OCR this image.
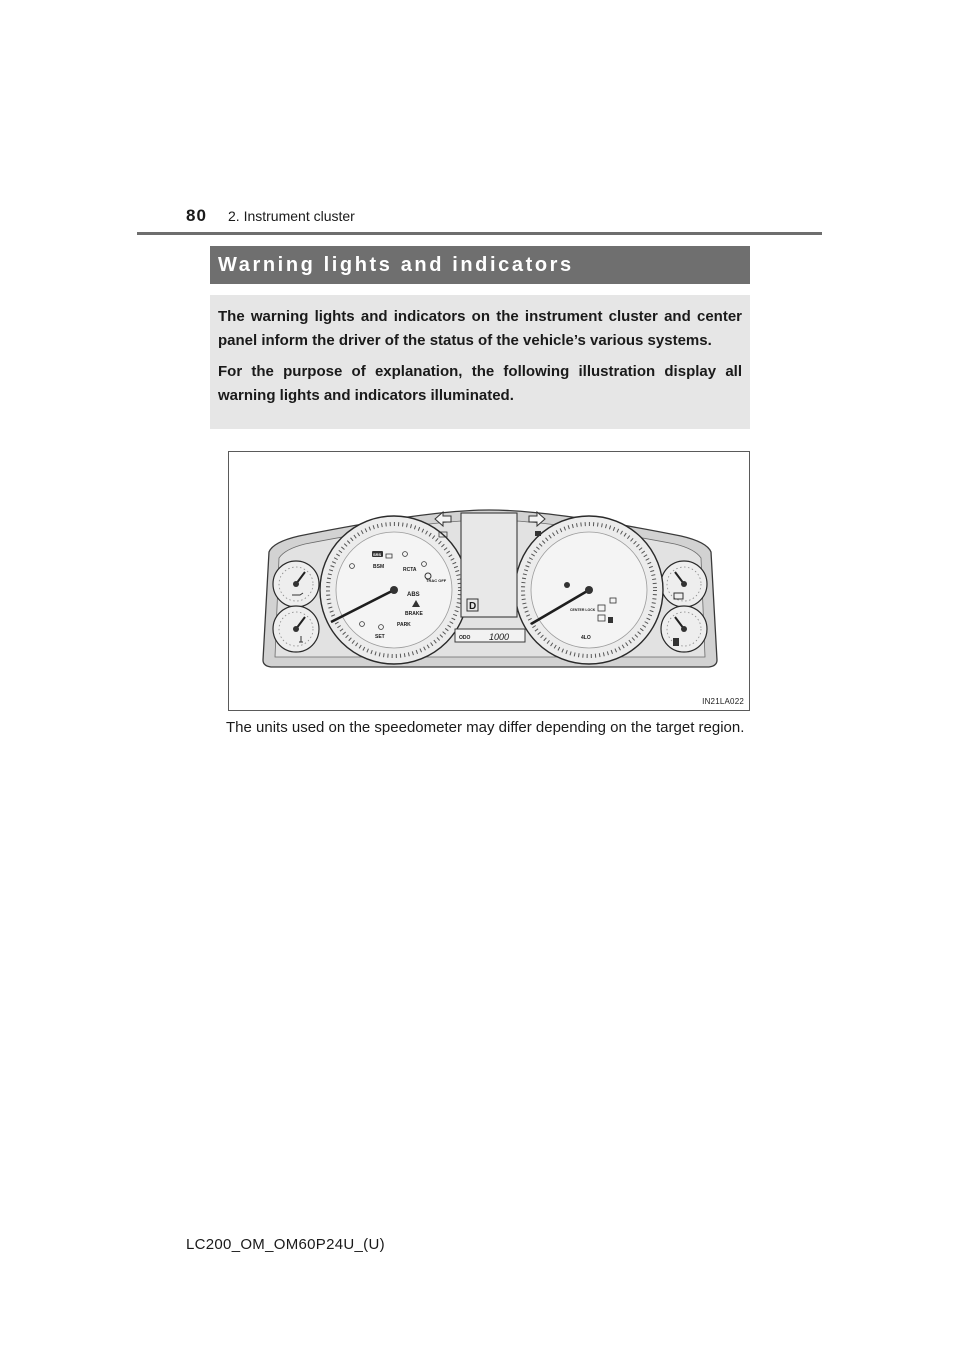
80 2. Instrument cluster
Warning lights and indicators

The warning lights and indicators on the instrument cluster and center panel inform the driver of the status of the vehicle’s various systems.

For the purpose of explanation, the following illustration display all warning lights and indicators illuminated.

BSM	RCTA
TRAC OFF
ABS
BRAKE
PARK
SET
SRS
4LO
CENTER LOCK
D
ODO 1000
IN21LA022
The units used on the speedometer may differ depending on the target region.
LC200_OM_OM60P24U_(U)
